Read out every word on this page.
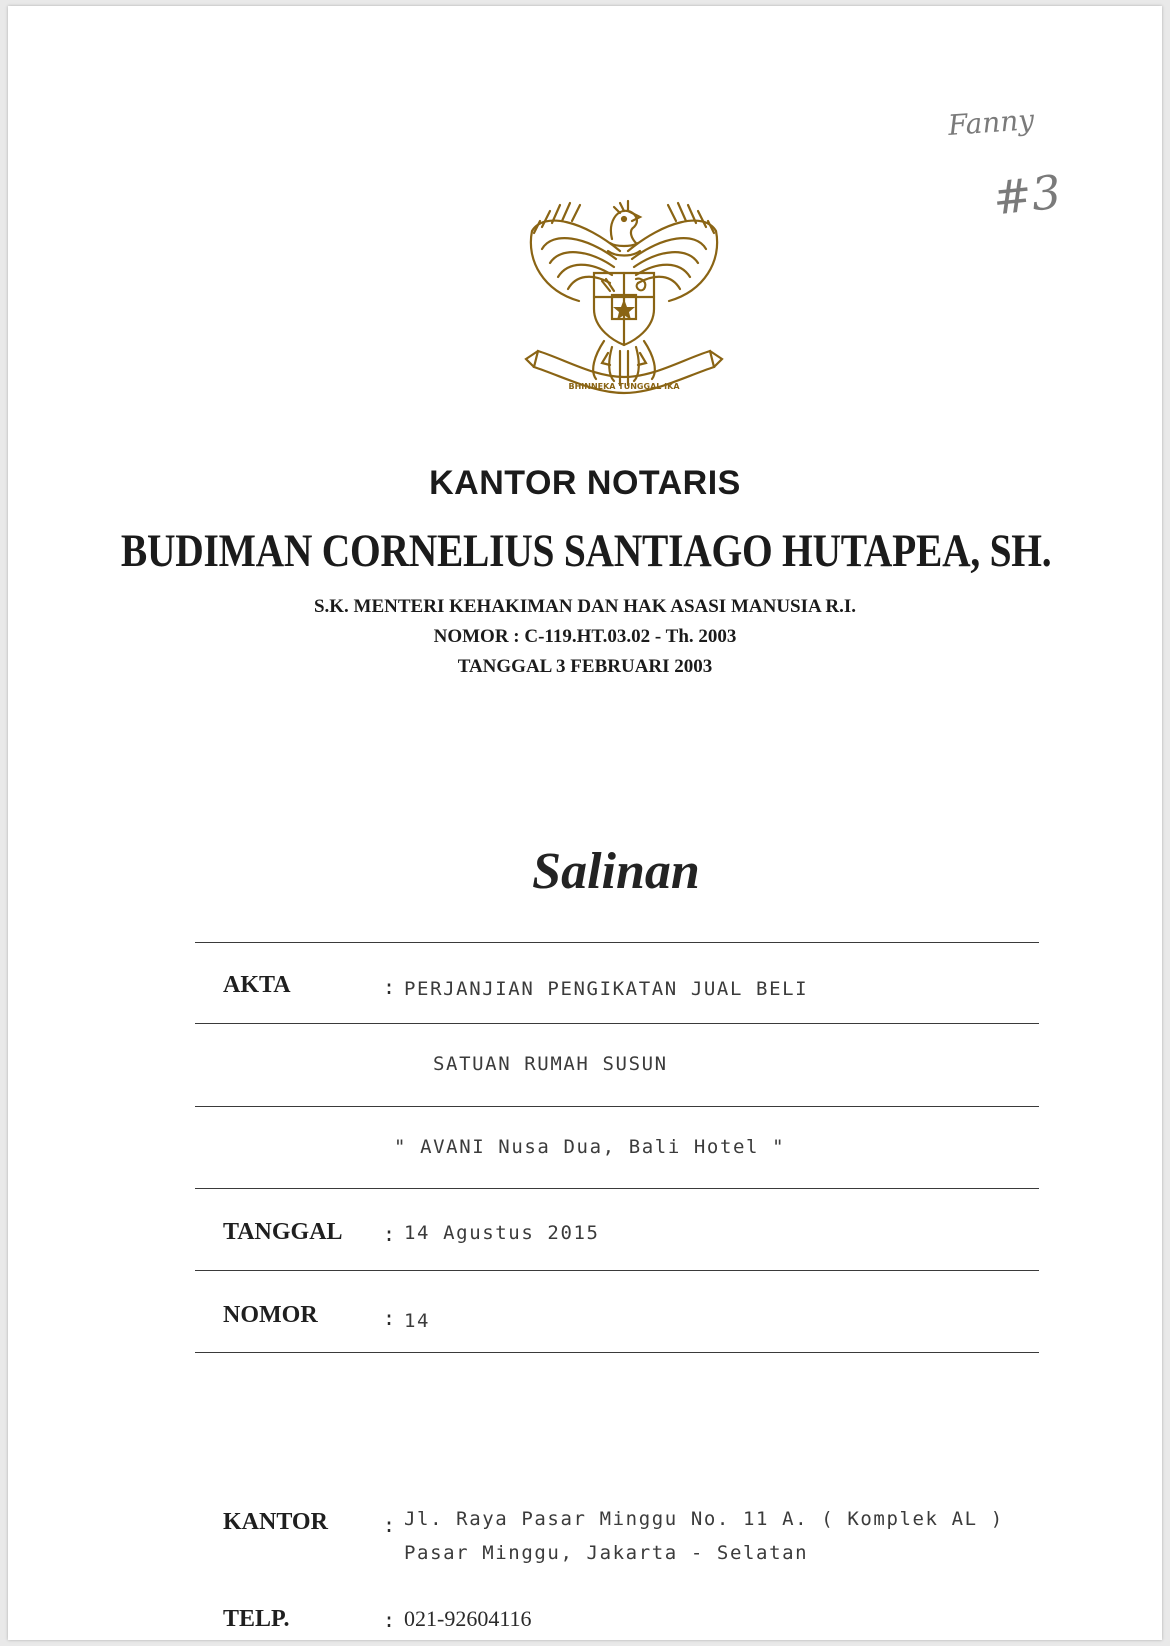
Fanny
#3
BHINNEKA TUNGGAL IKA
KANTOR NOTARIS
BUDIMAN CORNELIUS SANTIAGO HUTAPEA, SH.
S.K. MENTERI KEHAKIMAN DAN HAK ASASI MANUSIA R.I.
NOMOR : C-119.HT.03.02 - Th. 2003
TANGGAL 3 FEBRUARI 2003
Salinan
AKTA	: PERJANJIAN PENGIKATAN JUAL BELI
SATUAN RUMAH SUSUN
" AVANI Nusa Dua, Bali Hotel "
TANGGAL : 14 Agustus 2015
NOMOR	: 14
KANTOR	: Jl. Raya Pasar Minggu No. 11 A. ( Komplek AL )
Pasar Minggu, Jakarta - Selatan
TELP.	: 021-92604116
